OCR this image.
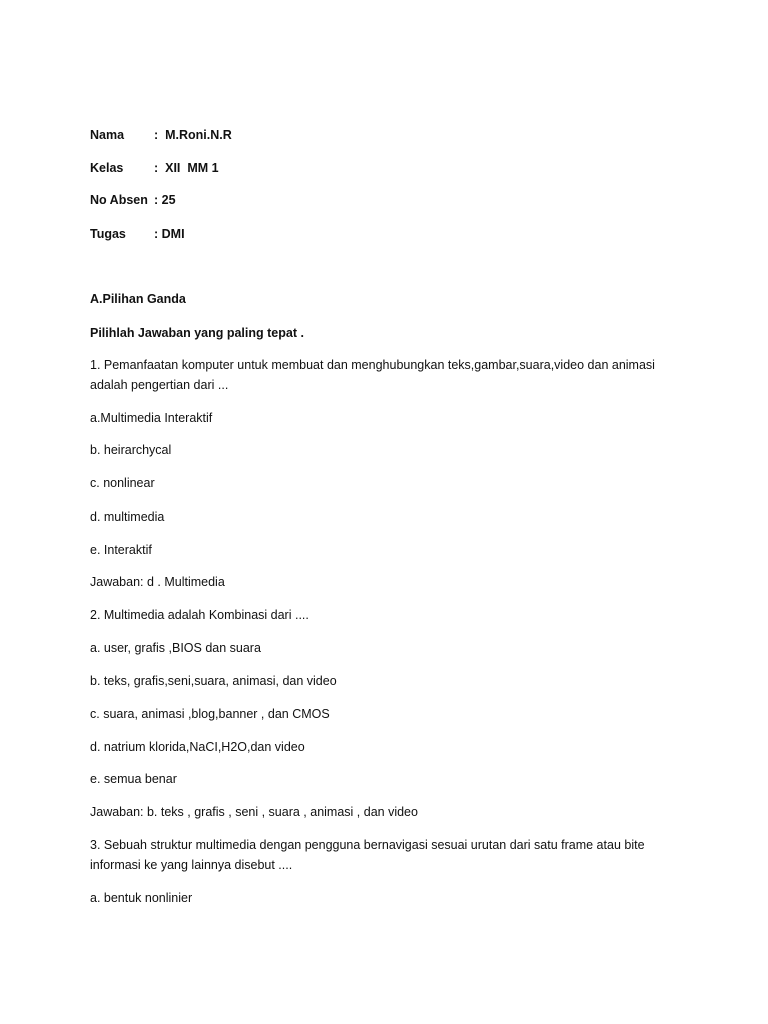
Nama :  M.Roni.N.R
Kelas :  XII  MM 1
No Absen : 25
Tugas : DMI
A.Pilihan Ganda
Pilihlah Jawaban yang paling tepat .
1. Pemanfaatan komputer untuk membuat dan menghubungkan teks,gambar,suara,video dan animasi
adalah pengertian dari ...
a.Multimedia Interaktif
b. heirarchycal
c. nonlinear
d. multimedia
e. Interaktif
Jawaban: d . Multimedia
2. Multimedia adalah Kombinasi dari ....
a. user, grafis ,BIOS dan suara
b. teks, grafis,seni,suara, animasi, dan video
c. suara, animasi ,blog,banner , dan CMOS
d. natrium klorida,NaCI,H2O,dan video
e. semua benar
Jawaban: b. teks , grafis , seni , suara , animasi , dan video
3. Sebuah struktur multimedia dengan pengguna bernavigasi sesuai urutan dari satu frame atau bite
informasi ke yang lainnya disebut ....
a. bentuk nonlinier
